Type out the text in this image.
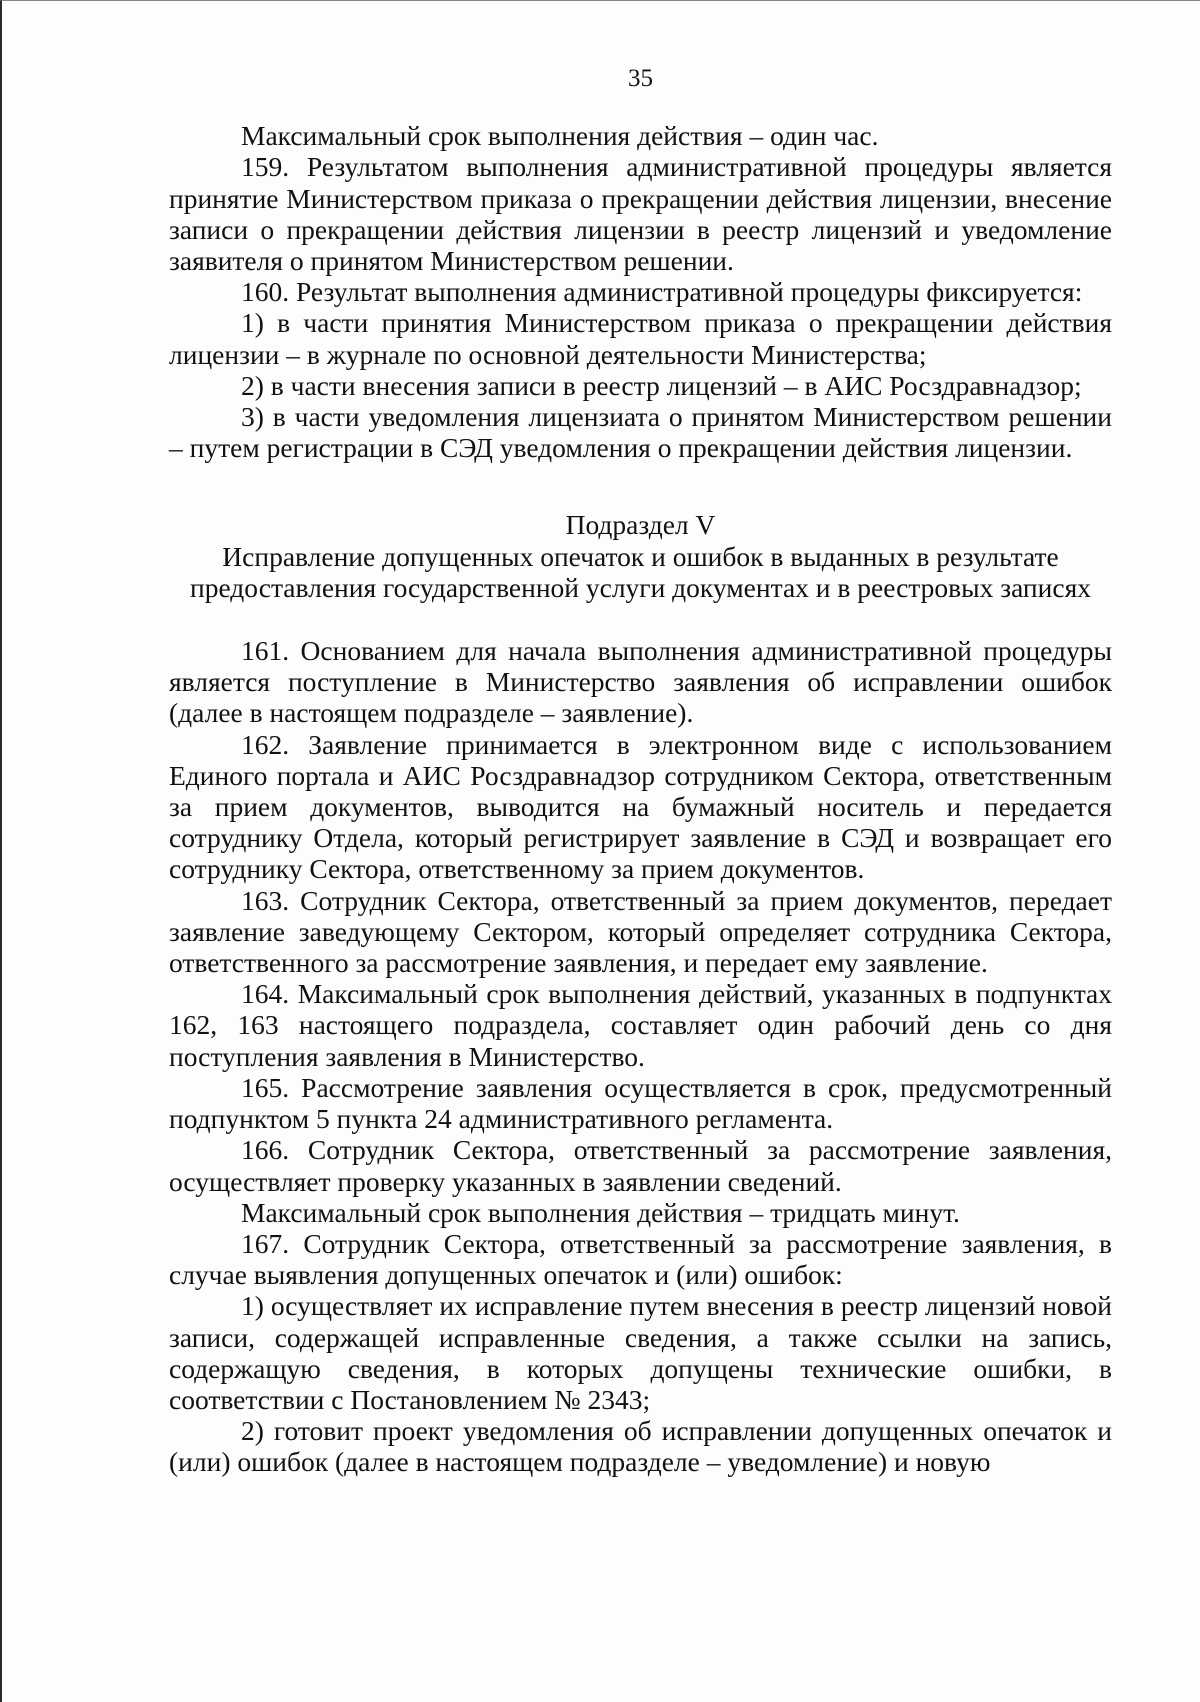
35

Максимальный срок выполнения действия – один час.

159. Результатом выполнения административной процедуры является принятие Министерством приказа о прекращении действия лицензии, внесение записи о прекращении действия лицензии в реестр лицензий и уведомление заявителя о принятом Министерством решении.

160. Результат выполнения административной процедуры фиксируется:

1) в части принятия Министерством приказа о прекращении действия лицензии – в журнале по основной деятельности Министерства;

2) в части внесения записи в реестр лицензий – в АИС Росздравнадзор;

3) в части уведомления лицензиата о принятом Министерством решении – путем регистрации в СЭД уведомления о прекращении действия лицензии.

Подраздел V
Исправление допущенных опечаток и ошибок в выданных в результате
предоставления государственной услуги документах и в реестровых записях

161. Основанием для начала выполнения административной процедуры является поступление в Министерство заявления об исправлении ошибок (далее в настоящем подразделе – заявление).

162. Заявление принимается в электронном виде с использованием Единого портала и АИС Росздравнадзор сотрудником Сектора, ответственным за прием документов, выводится на бумажный носитель и передается сотруднику Отдела, который регистрирует заявление в СЭД и возвращает его сотруднику Сектора, ответственному за прием документов.

163. Сотрудник Сектора, ответственный за прием документов, передает заявление заведующему Сектором, который определяет сотрудника Сектора, ответственного за рассмотрение заявления, и передает ему заявление.

164. Максимальный срок выполнения действий, указанных в подпунктах 162, 163 настоящего подраздела, составляет один рабочий день со дня поступления заявления в Министерство.

165. Рассмотрение заявления осуществляется в срок, предусмотренный подпунктом 5 пункта 24 административного регламента.

166. Сотрудник Сектора, ответственный за рассмотрение заявления, осуществляет проверку указанных в заявлении сведений.

Максимальный срок выполнения действия – тридцать минут.

167. Сотрудник Сектора, ответственный за рассмотрение заявления, в случае выявления допущенных опечаток и (или) ошибок:

1) осуществляет их исправление путем внесения в реестр лицензий новой записи, содержащей исправленные сведения, а также ссылки на запись, содержащую сведения, в которых допущены технические ошибки, в соответствии с Постановлением № 2343;

2) готовит проект уведомления об исправлении допущенных опечаток и (или) ошибок (далее в настоящем подразделе – уведомление) и новую
